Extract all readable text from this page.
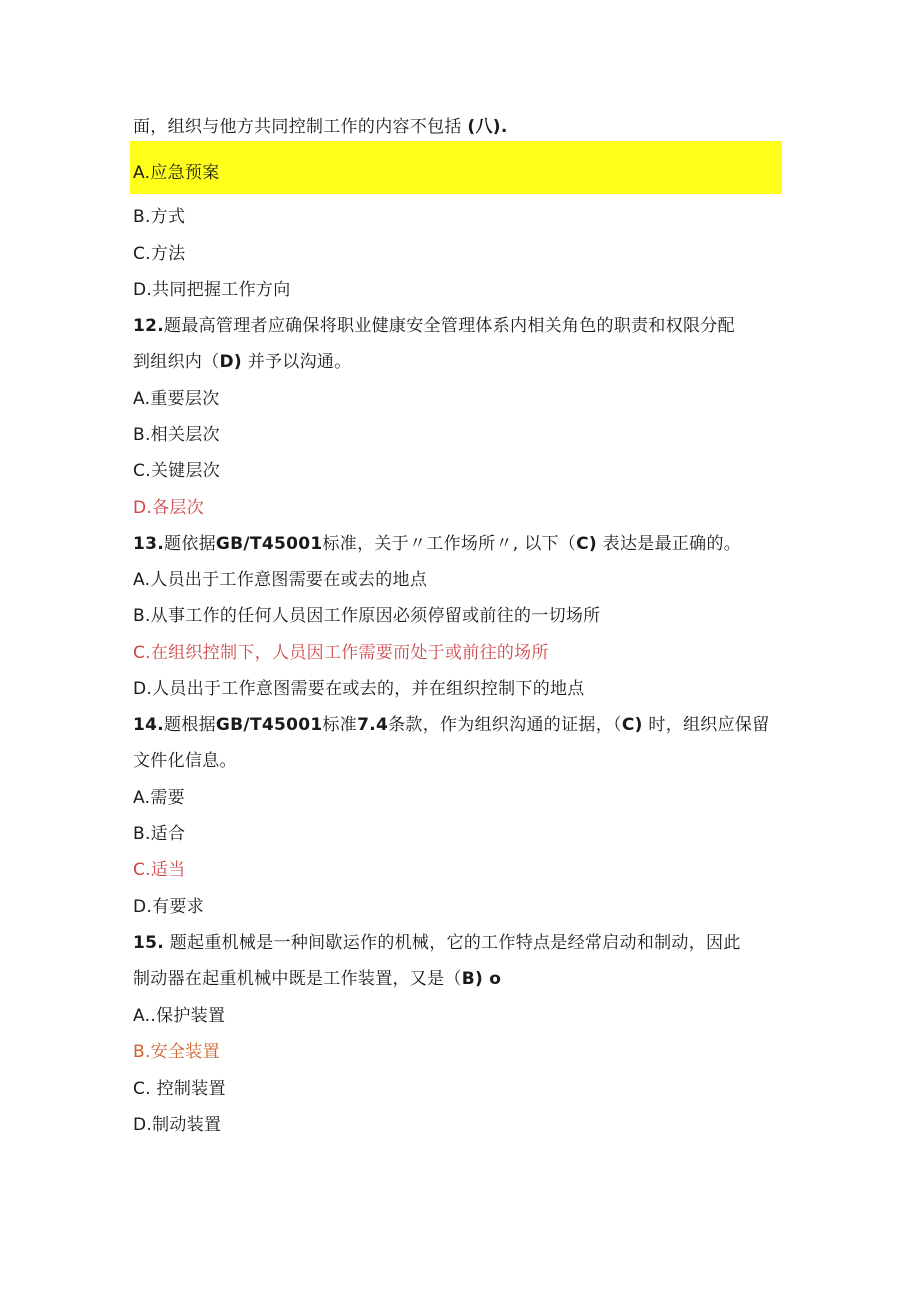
面，组织与他方共同控制工作的内容不包括 (八).
A.应急预案
B.方式
C.方法
D.共同把握工作方向
12.题最高管理者应确保将职业健康安全管理体系内相关角色的职责和权限分配
到组织内（D) 并予以沟通。
A.重要层次
B.相关层次
C.关键层次
D.各层次
13.题依据GB/T45001标准，关于〃工作场所〃, 以下（C) 表达是最正确的。
A.人员出于工作意图需要在或去的地点
B.从事工作的任何人员因工作原因必须停留或前往的一切场所
C.在组织控制下，人员因工作需要而处于或前往的场所
D.人员出于工作意图需要在或去的，并在组织控制下的地点
14.题根据GB/T45001标准7.4条款，作为组织沟通的证据，（C) 时，组织应保留
文件化信息。
A.需要
B.适合
C.适当
D.有要求
15. 题起重机械是一种间歇运作的机械，它的工作特点是经常启动和制动，因此
制动器在起重机械中既是工作装置，又是（B) o
A..保护装置
B.安全装置
C. 控制装置
D.制动装置
